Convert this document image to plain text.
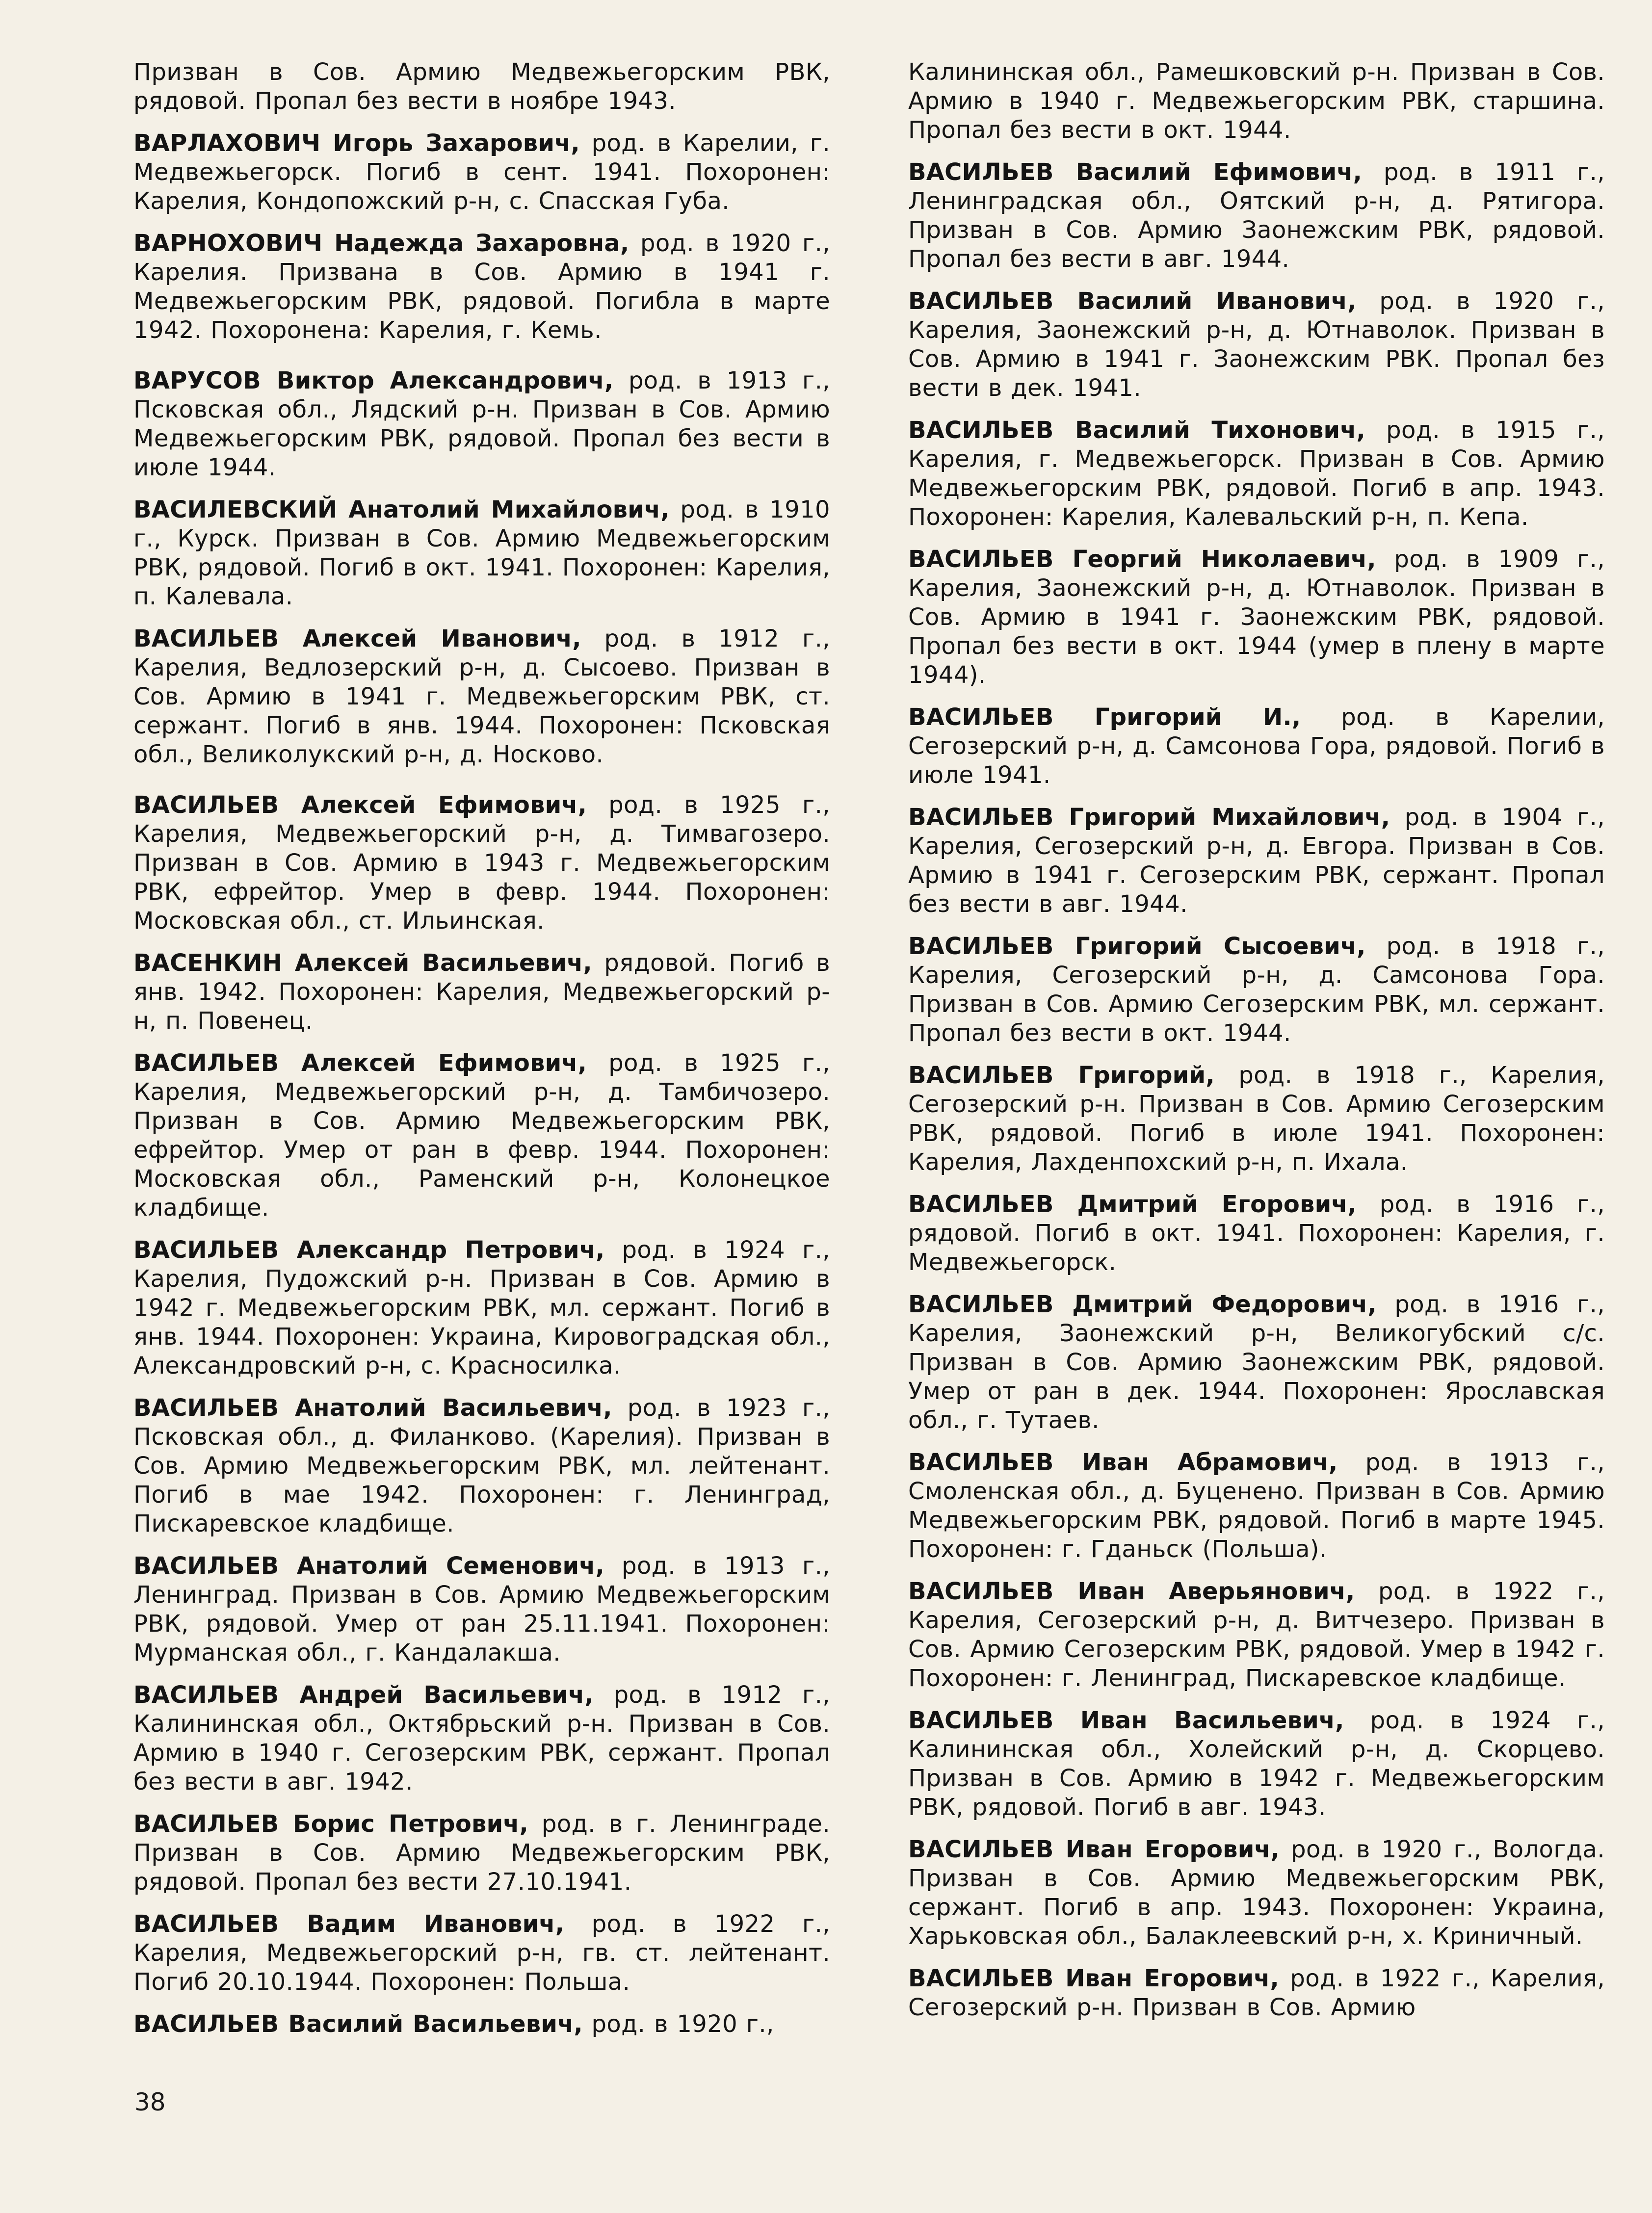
Призван в Сов. Армию Медвежьегорским РВК, рядовой. Пропал без вести в ноябре 1943.

ВАРЛАХОВИЧ Игорь Захарович, род. в Карелии, г. Медвежьегорск. Погиб в сент. 1941. Похоронен: Карелия, Кондопожский р-н, с. Спасская Губа.

ВАРНОХОВИЧ Надежда Захаровна, род. в 1920 г., Карелия. Призвана в Сов. Армию в 1941 г. Медвежьегорским РВК, рядовой. Погибла в марте 1942. Похоронена: Карелия, г. Кемь.

ВАРУСОВ Виктор Александрович, род. в 1913 г., Псковская обл., Лядский р-н. Призван в Сов. Армию Медвежьегорским РВК, рядовой. Пропал без вести в июле 1944.

ВАСИЛЕВСКИЙ Анатолий Михайлович, род. в 1910 г., Курск. Призван в Сов. Армию Медвежьегорским РВК, рядовой. Погиб в окт. 1941. Похоронен: Карелия, п. Калевала.

ВАСИЛЬЕВ Алексей Иванович, род. в 1912 г., Карелия, Ведлозерский р-н, д. Сысоево. Призван в Сов. Армию в 1941 г. Медвежьегорским РВК, ст. сержант. Погиб в янв. 1944. Похоронен: Псковская обл., Великолукский р-н, д. Носково.

ВАСИЛЬЕВ Алексей Ефимович, род. в 1925 г., Карелия, Медвежьегорский р-н, д. Тимвагозеро. Призван в Сов. Армию в 1943 г. Медвежьегорским РВК, ефрейтор. Умер в февр. 1944. Похоронен: Московская обл., ст. Ильинская.

ВАСЕНКИН Алексей Васильевич, рядовой. Погиб в янв. 1942. Похоронен: Карелия, Медвежьегорский р-н, п. Повенец.

ВАСИЛЬЕВ Алексей Ефимович, род. в 1925 г., Карелия, Медвежьегорский р-н, д. Тамбичозеро. Призван в Сов. Армию Медвежьегорским РВК, ефрейтор. Умер от ран в февр. 1944. Похоронен: Московская обл., Раменский р-н, Колонецкое кладбище.

ВАСИЛЬЕВ Александр Петрович, род. в 1924 г., Карелия, Пудожский р-н. Призван в Сов. Армию в 1942 г. Медвежьегорским РВК, мл. сержант. Погиб в янв. 1944. Похоронен: Украина, Кировоградская обл., Александровский р-н, с. Красносилка.

ВАСИЛЬЕВ Анатолий Васильевич, род. в 1923 г., Псковская обл., д. Филанково. (Карелия). Призван в Сов. Армию Медвежьегорским РВК, мл. лейтенант. Погиб в мае 1942. Похоронен: г. Ленинград, Пискаревское кладбище.

ВАСИЛЬЕВ Анатолий Семенович, род. в 1913 г., Ленинград. Призван в Сов. Армию Медвежьегорским РВК, рядовой. Умер от ран 25.11.1941. Похоронен: Мурманская обл., г. Кандалакша.

ВАСИЛЬЕВ Андрей Васильевич, род. в 1912 г., Калининская обл., Октябрьский р-н. Призван в Сов. Армию в 1940 г. Сегозерским РВК, сержант. Пропал без вести в авг. 1942.

ВАСИЛЬЕВ Борис Петрович, род. в г. Ленинграде. Призван в Сов. Армию Медвежьегорским РВК, рядовой. Пропал без вести 27.10.1941.

ВАСИЛЬЕВ Вадим Иванович, род. в 1922 г., Карелия, Медвежьегорский р-н, гв. ст. лейтенант. Погиб 20.10.1944. Похоронен: Польша.

ВАСИЛЬЕВ Василий Васильевич, род. в 1920 г.,

Калининская обл., Рамешковский р-н. Призван в Сов. Армию в 1940 г. Медвежьегорским РВК, старшина. Пропал без вести в окт. 1944.

ВАСИЛЬЕВ Василий Ефимович, род. в 1911 г., Ленинградская обл., Оятский р-н, д. Рятигора. Призван в Сов. Армию Заонежским РВК, рядовой. Пропал без вести в авг. 1944.

ВАСИЛЬЕВ Василий Иванович, род. в 1920 г., Карелия, Заонежский р-н, д. Ютнаволок. Призван в Сов. Армию в 1941 г. Заонежским РВК. Пропал без вести в дек. 1941.

ВАСИЛЬЕВ Василий Тихонович, род. в 1915 г., Карелия, г. Медвежьегорск. Призван в Сов. Армию Медвежьегорским РВК, рядовой. Погиб в апр. 1943. Похоронен: Карелия, Калевальский р-н, п. Кепа.

ВАСИЛЬЕВ Георгий Николаевич, род. в 1909 г., Карелия, Заонежский р-н, д. Ютнаволок. Призван в Сов. Армию в 1941 г. Заонежским РВК, рядовой. Пропал без вести в окт. 1944 (умер в плену в марте 1944).

ВАСИЛЬЕВ Григорий И., род. в Карелии, Сегозерский р-н, д. Самсонова Гора, рядовой. Погиб в июле 1941.

ВАСИЛЬЕВ Григорий Михайлович, род. в 1904 г., Карелия, Сегозерский р-н, д. Евгора. Призван в Сов. Армию в 1941 г. Сегозерским РВК, сержант. Пропал без вести в авг. 1944.

ВАСИЛЬЕВ Григорий Сысоевич, род. в 1918 г., Карелия, Сегозерский р-н, д. Самсонова Гора. Призван в Сов. Армию Сегозерским РВК, мл. сержант. Пропал без вести в окт. 1944.

ВАСИЛЬЕВ Григорий, род. в 1918 г., Карелия, Сегозерский р-н. Призван в Сов. Армию Сегозерским РВК, рядовой. Погиб в июле 1941. Похоронен: Карелия, Лахденпохский р-н, п. Ихала.

ВАСИЛЬЕВ Дмитрий Егорович, род. в 1916 г., рядовой. Погиб в окт. 1941. Похоронен: Карелия, г. Медвежьегорск.

ВАСИЛЬЕВ Дмитрий Федорович, род. в 1916 г., Карелия, Заонежский р-н, Великогубский с/с. Призван в Сов. Армию Заонежским РВК, рядовой. Умер от ран в дек. 1944. Похоронен: Ярославская обл., г. Тутаев.

ВАСИЛЬЕВ Иван Абрамович, род. в 1913 г., Смоленская обл., д. Буцененo. Призван в Сов. Армию Медвежьегорским РВК, рядовой. Погиб в марте 1945. Похоронен: г. Гданьск (Польша).

ВАСИЛЬЕВ Иван Аверьянович, род. в 1922 г., Карелия, Сегозерский р-н, д. Витчезеро. Призван в Сов. Армию Сегозерским РВК, рядовой. Умер в 1942 г. Похоронен: г. Ленинград, Пискаревское кладбище.

ВАСИЛЬЕВ Иван Васильевич, род. в 1924 г., Калининская обл., Холейский р-н, д. Скорцево. Призван в Сов. Армию в 1942 г. Медвежьегорским РВК, рядовой. Погиб в авг. 1943.

ВАСИЛЬЕВ Иван Егорович, род. в 1920 г., Вологда. Призван в Сов. Армию Медвежьегорским РВК, сержант. Погиб в апр. 1943. Похоронен: Украина, Харьковская обл., Балаклеевский р-н, х. Криничный.

ВАСИЛЬЕВ Иван Егорович, род. в 1922 г., Карелия, Сегозерский р-н. Призван в Сов. Армию

38
